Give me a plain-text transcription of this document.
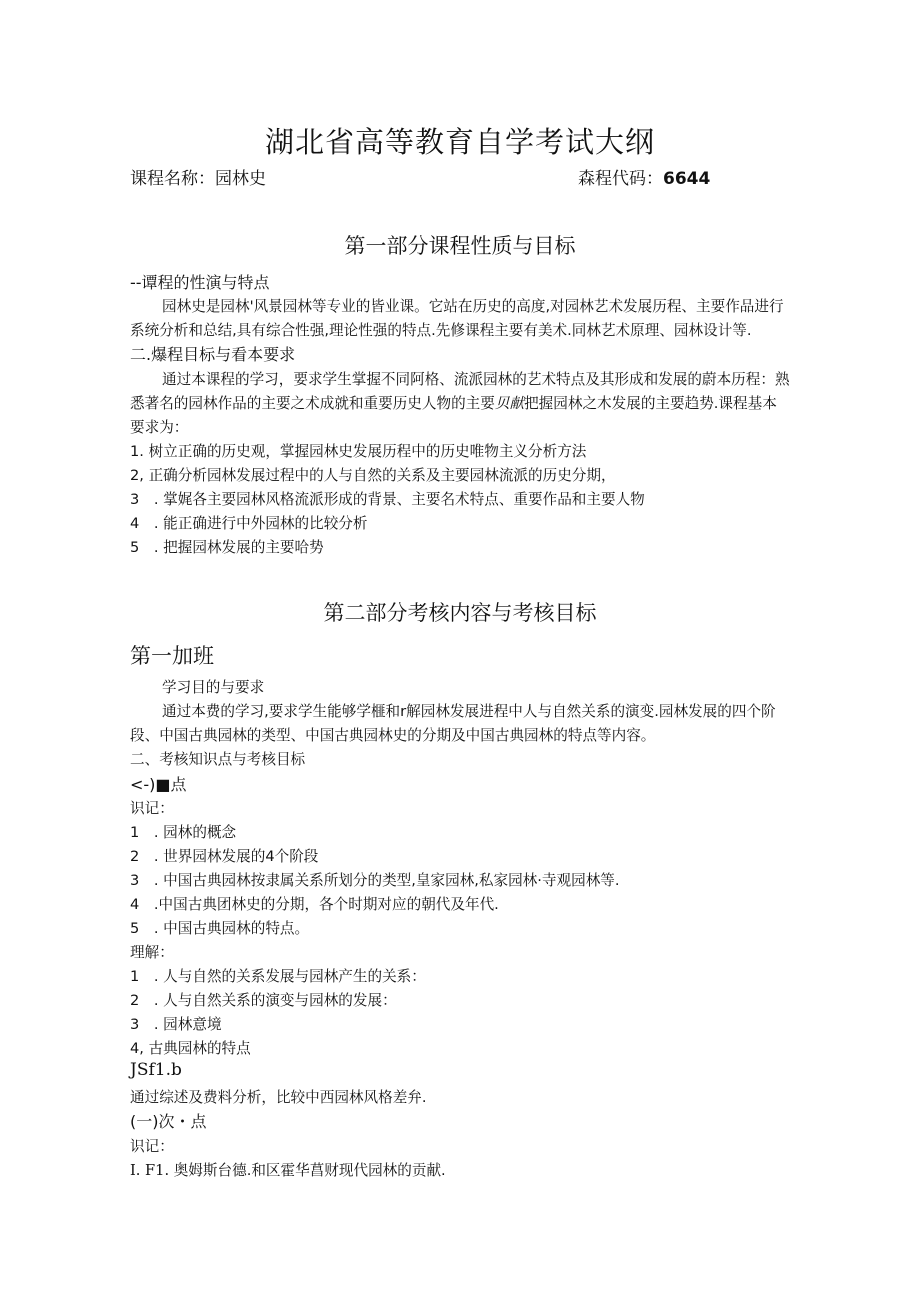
湖北省高等教育自学考试大纲
课程名称：园林史	森程代码：6644
第一部分课程性质与目标
--谭程的性演与特点
园林史是园林'风景园林等专业的皆业课。它站在历史的高度,对园林艺术发展历程、主要作品进行
系统分析和总结,具有综合性强,理论性强的特点.先修课程主要有美术.同林艺术原理、园林设计等.
二.爆程目标与看本要求
通过本课程的学习，要求学生掌握不同阿格、流派园林的艺术特点及其形成和发展的蔚本历程：熟
悉著名的园林作品的主要之术成就和重要历史人物的主要贝献把握园林之木发展的主要趋势.课程基本
要求为：
1. 树立正确的历史观，掌握园林史发展历程中的历史唯物主义分析方法
2, 正确分析园林发展过程中的人与自然的关系及主要园林流派的历史分期，
3　. 掌娓各主要园林风格流派形成的背景、主要名术特点、重要作品和主要人物
4　. 能正确进行中外园林的比较分析
5　. 把握园林发展的主要哈势
第二部分考核内容与考核目标
第一加班
学习目的与要求
通过本费的学习,要求学生能够学榧和r解园林发展进程中人与自然关系的演变.园林发展的四个阶
段、中国古典园林的类型、中国古典园林史的分期及中国古典园林的特点等内容。
二、考核知识点与考核目标
<-)■点
识记：
1　. 园林的概念
2　. 世界园林发展的4个阶段
3　. 中国古典园林按隶属关系所划分的类型,皇家园林,私家园林·寺观园林等.
4　.中国古典团林史的分期，各个时期对应的朝代及年代.
5　. 中国古典园林的特点。
理解：
1　. 人与自然的关系发展与园林产生的关系：
2　. 人与自然关系的演变与园林的发展：
3　. 园林意境
4, 古典园林的特点
JSf1.b
通过综述及费料分析，比较中西园林风格差弁.
(一)次・点
识记：
I. F1. 奥姆斯台德.和区霍华菖财现代园林的贡献.
